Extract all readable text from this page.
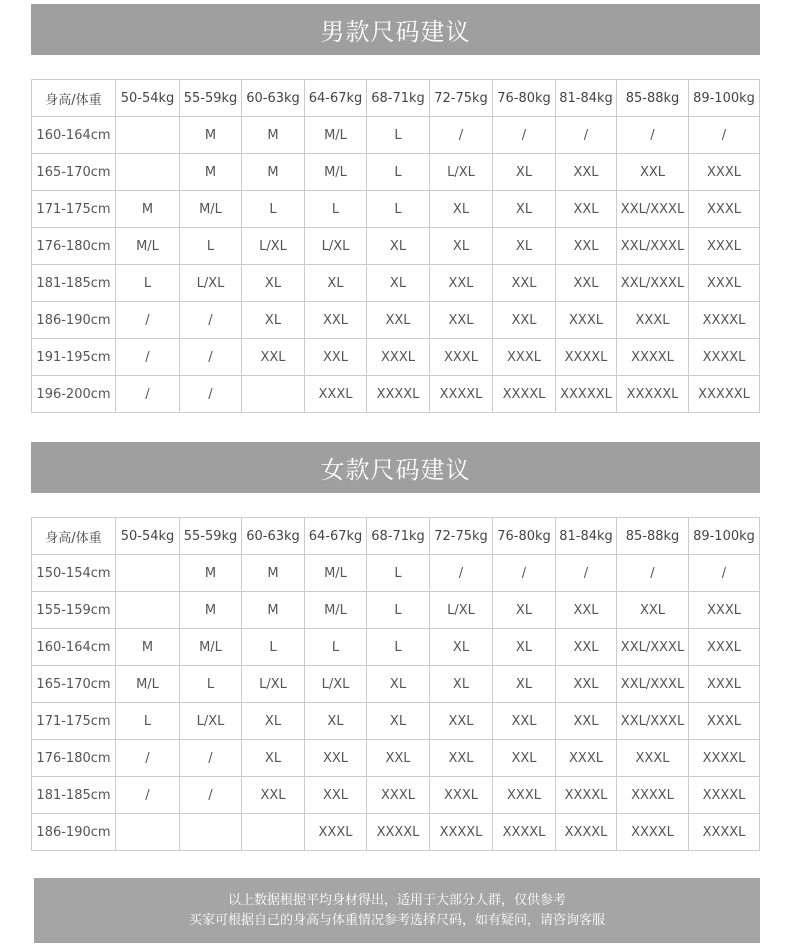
男款尺码建议
身高/体重	50-54kg	55-59kg	60-63kg	64-67kg	68-71kg	72-75kg	76-80kg	81-84kg	85-88kg	89-100kg
160-164cm		M	M	M/L	L	/	/	/	/	/
165-170cm		M	M	M/L	L	L/XL	XL	XXL	XXL	XXXL
171-175cm	M	M/L	L	L	L	XL	XL	XXL	XXL/XXXL	XXXL
176-180cm	M/L	L	L/XL	L/XL	XL	XL	XL	XXL	XXL/XXXL	XXXL
181-185cm	L	L/XL	XL	XL	XL	XXL	XXL	XXL	XXL/XXXL	XXXL
186-190cm	/	/	XL	XXL	XXL	XXL	XXL	XXXL	XXXL	XXXXL
191-195cm	/	/	XXL	XXL	XXXL	XXXL	XXXL	XXXXL	XXXXL	XXXXL
196-200cm	/	/		XXXL	XXXXL	XXXXL	XXXXL	XXXXXL	XXXXXL	XXXXXL
女款尺码建议
身高/体重	50-54kg	55-59kg	60-63kg	64-67kg	68-71kg	72-75kg	76-80kg	81-84kg	85-88kg	89-100kg
150-154cm		M	M	M/L	L	/	/	/	/	/
155-159cm		M	M	M/L	L	L/XL	XL	XXL	XXL	XXXL
160-164cm	M	M/L	L	L	L	XL	XL	XXL	XXL/XXXL	XXXL
165-170cm	M/L	L	L/XL	L/XL	XL	XL	XL	XXL	XXL/XXXL	XXXL
171-175cm	L	L/XL	XL	XL	XL	XXL	XXL	XXL	XXL/XXXL	XXXL
176-180cm	/	/	XL	XXL	XXL	XXL	XXL	XXXL	XXXL	XXXXL
181-185cm	/	/	XXL	XXL	XXXL	XXXL	XXXL	XXXXL	XXXXL	XXXXL
186-190cm				XXXL	XXXXL	XXXXL	XXXXL	XXXXL	XXXXL	XXXXL
以上数据根据平均身材得出，适用于大部分人群，仅供参考
买家可根据自己的身高与体重情况参考选择尺码，如有疑问，请咨询客服
